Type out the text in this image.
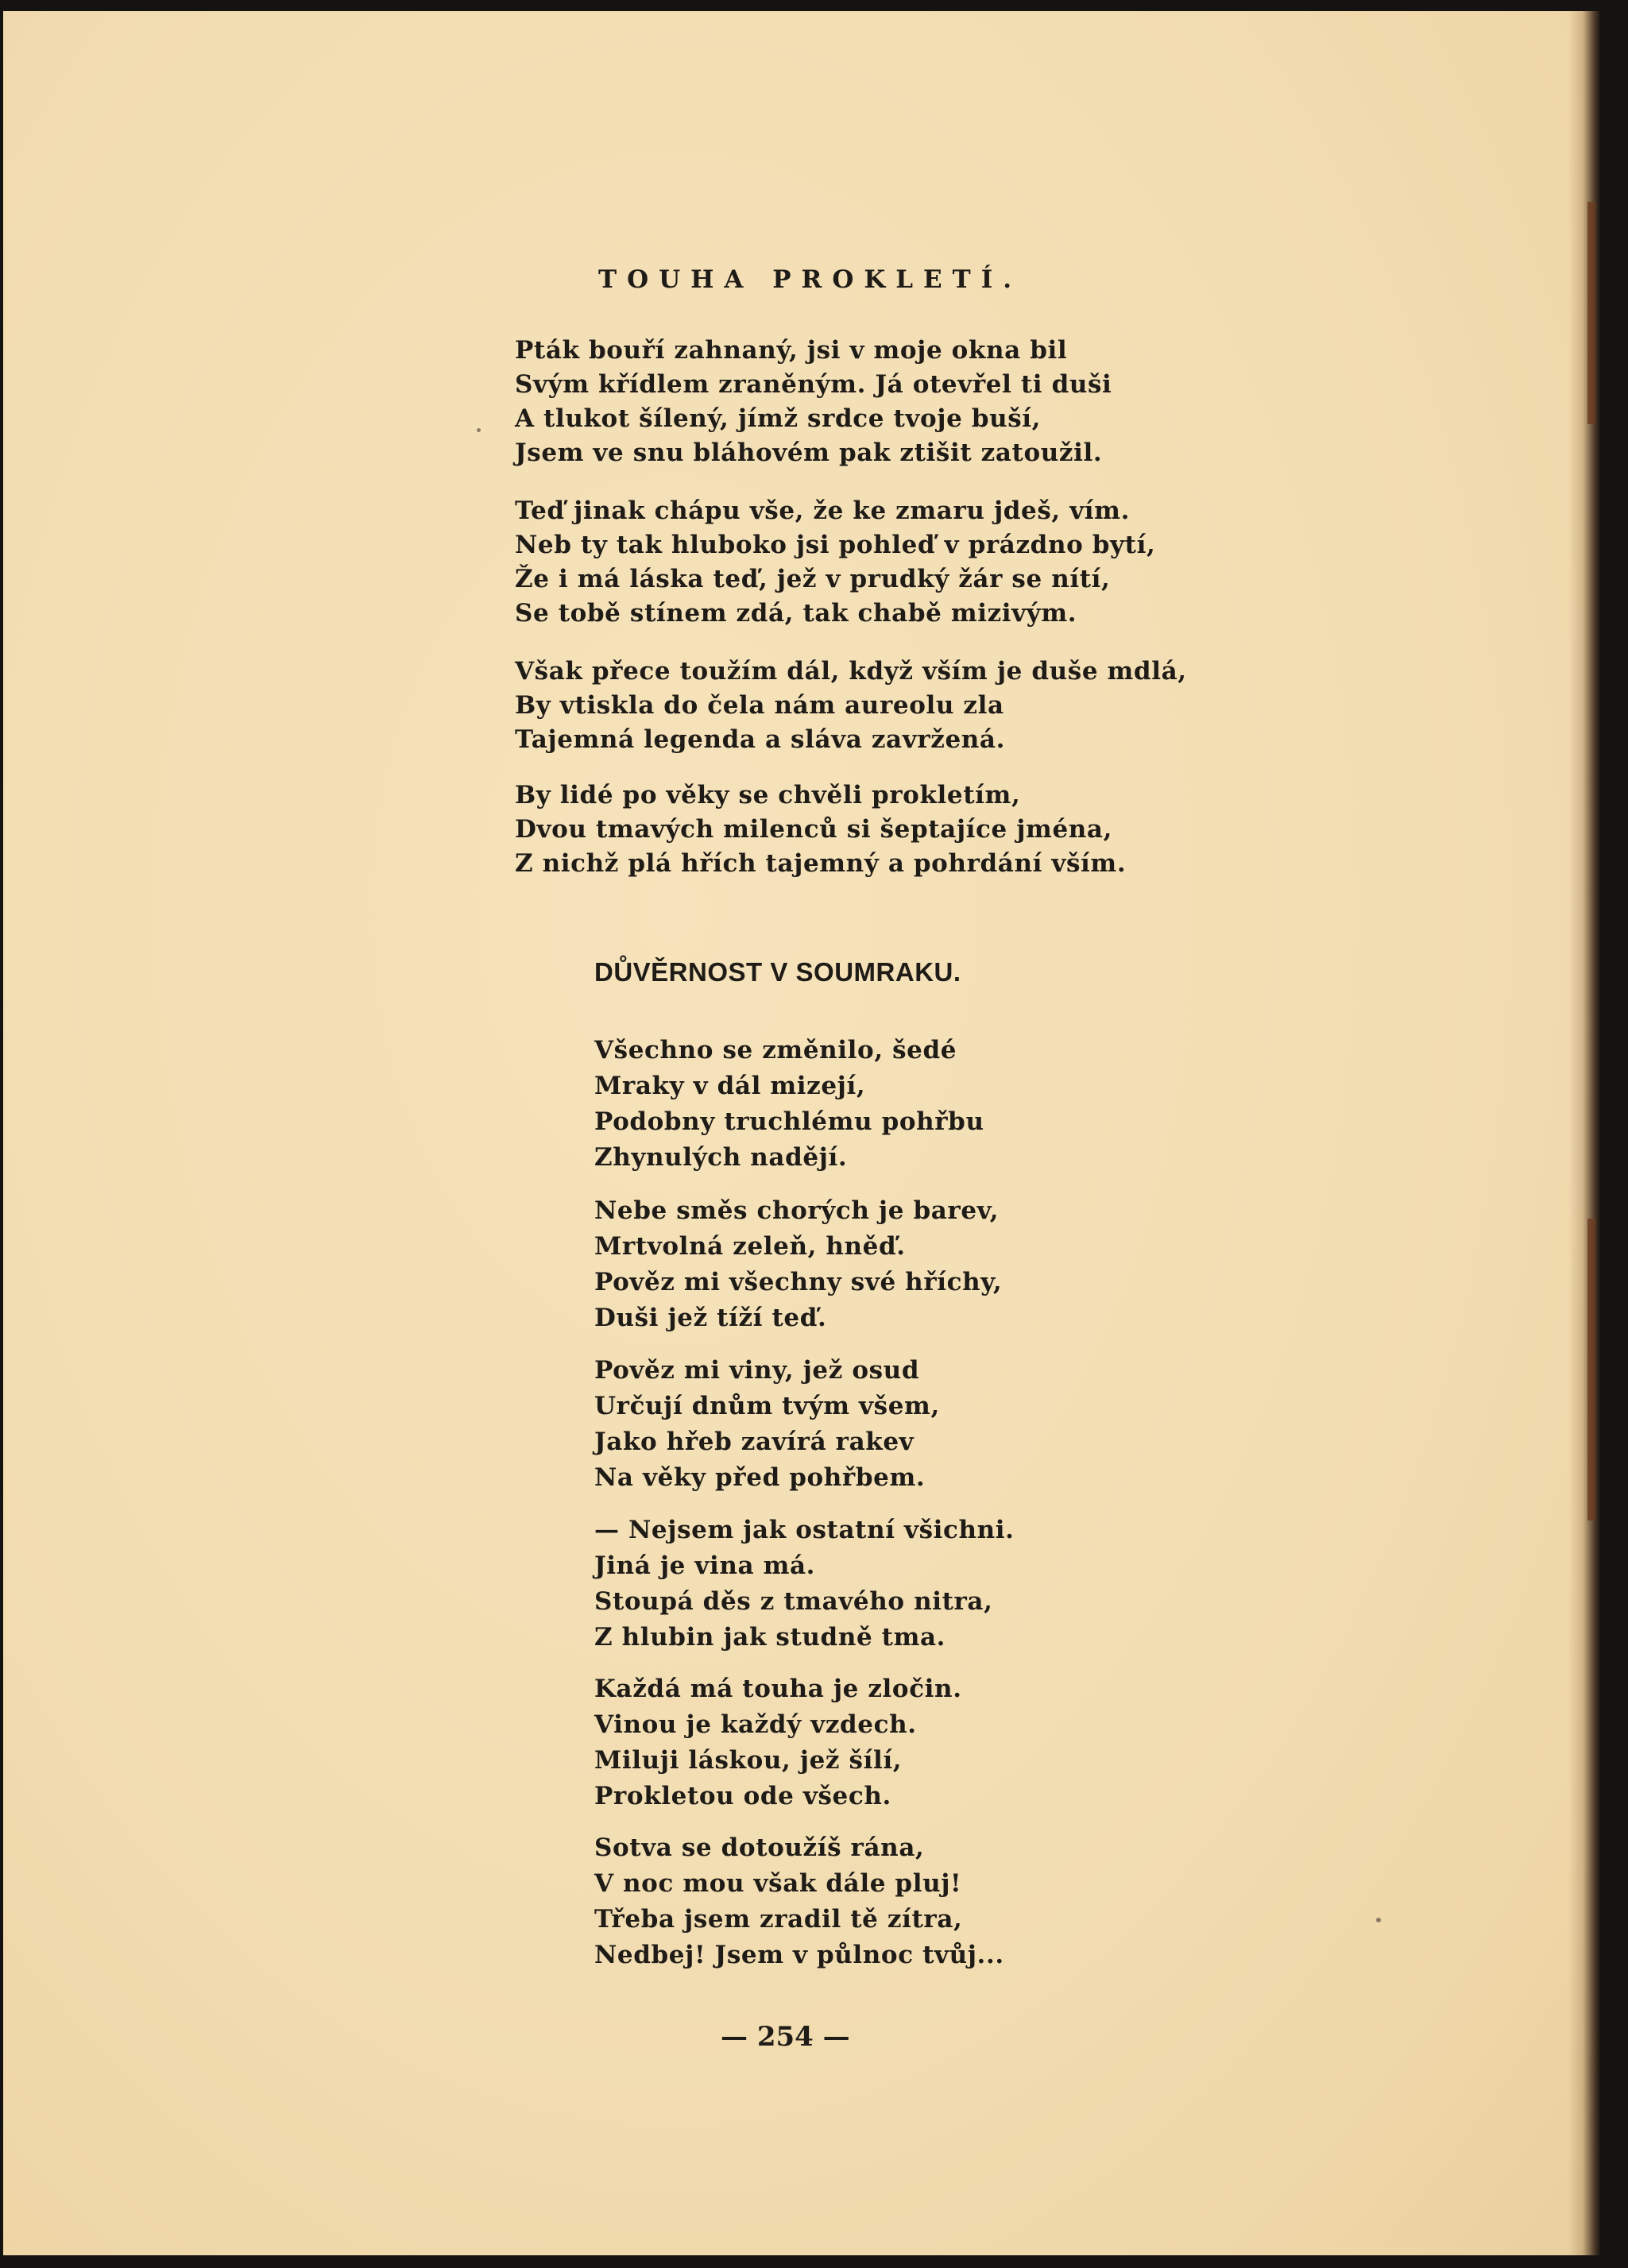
TOUHA PROKLETÍ.
Pták bouří zahnaný, jsi v moje okna bil
Svým křídlem zraněným. Já otevřel ti duši
A tlukot šílený, jímž srdce tvoje buší,
Jsem ve snu bláhovém pak ztišit zatoužil.
Teď jinak chápu vše, že ke zmaru jdeš, vím.
Neb ty tak hluboko jsi pohleď v prázdno bytí,
Že i má láska teď, jež v prudký žár se nítí,
Se tobě stínem zdá, tak chabě mizivým.
Však přece toužím dál, když vším je duše mdlá,
By vtiskla do čela nám aureolu zla
Tajemná legenda a sláva zavržená.
By lidé po věky se chvěli prokletím,
Dvou tmavých milenců si šeptajíce jména,
Z nichž plá hřích tajemný a pohrdání vším.
DŮVĚRNOST V SOUMRAKU.
Všechno se změnilo, šedé
Mraky v dál mizejí,
Podobny truchlému pohřbu
Zhynulých nadějí.
Nebe směs chorých je barev,
Mrtvolná zeleň, hněď.
Pověz mi všechny své hříchy,
Duši jež tíží teď.
Pověz mi viny, jež osud
Určují dnům tvým všem,
Jako hřeb zavírá rakev
Na věky před pohřbem.
— Nejsem jak ostatní všichni.
Jiná je vina má.
Stoupá děs z tmavého nitra,
Z hlubin jak studně tma.
Každá má touha je zločin.
Vinou je každý vzdech.
Miluji láskou, jež šílí,
Prokletou ode všech.
Sotva se dotoužíš rána,
V noc mou však dále pluj!
Třeba jsem zradil tě zítra,
Nedbej! Jsem v půlnoc tvůj...
— 254 —
